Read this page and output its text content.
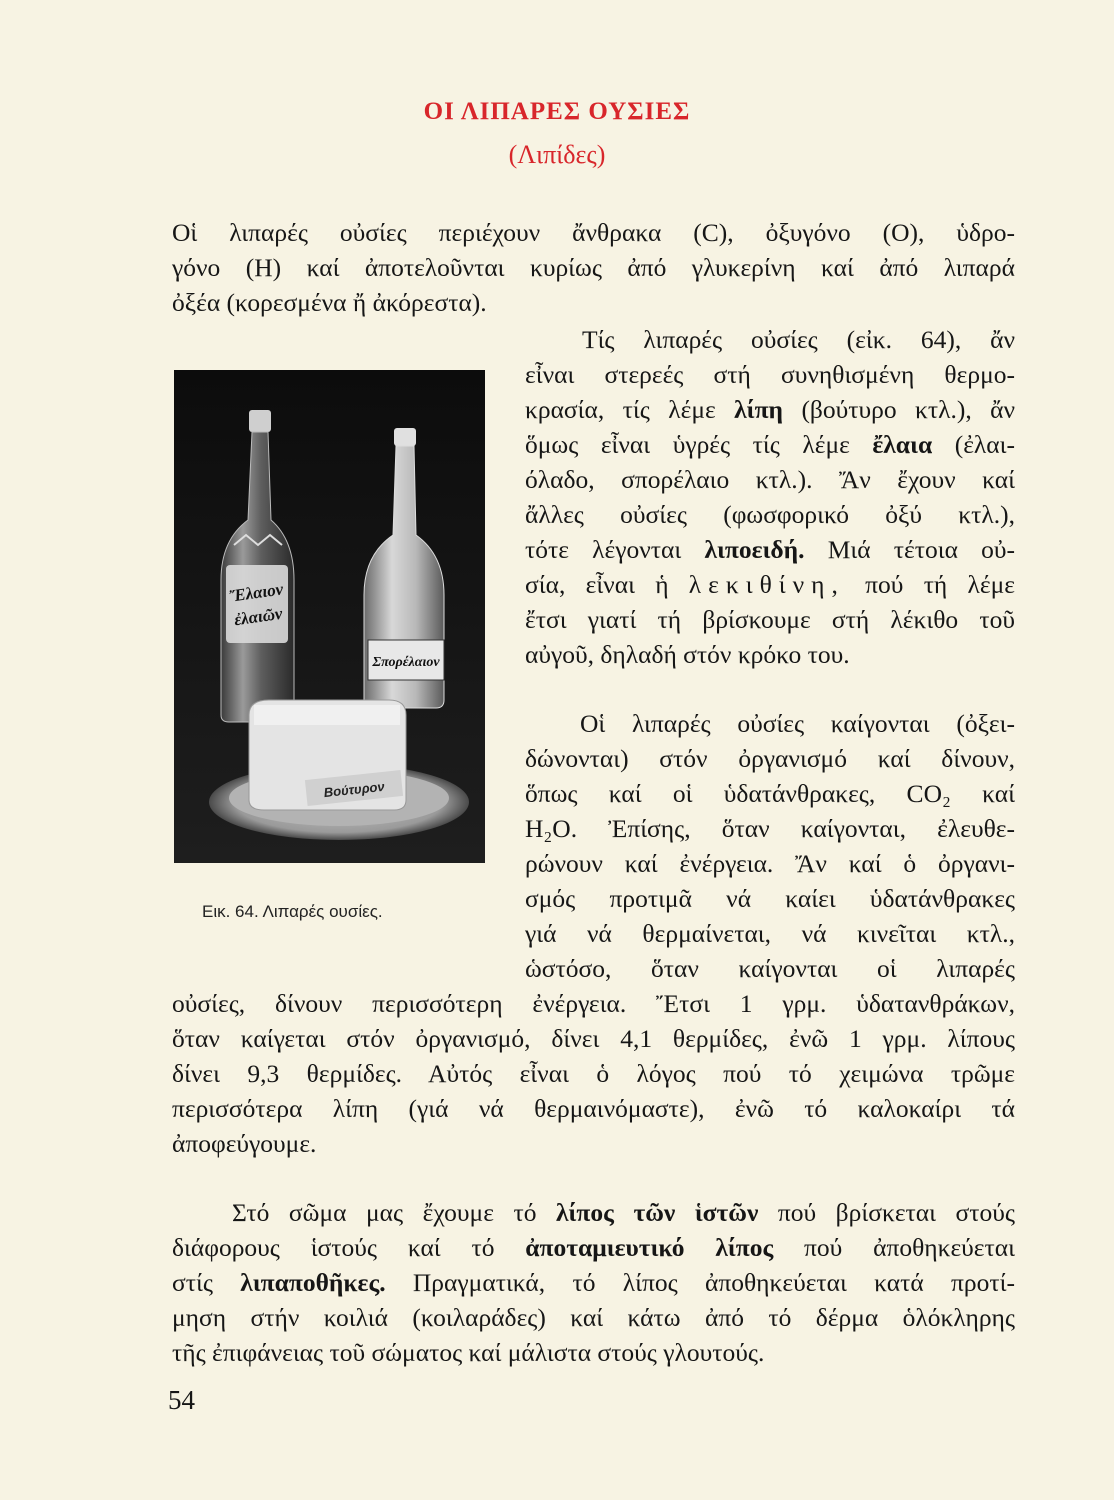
ΟΙ ΛΙΠΑΡΕΣ ΟΥΣΙΕΣ
(Λιπίδες)

Οἱ λιπαρές οὐσίες περιέχουν ἄνθρακα (C), ὀξυγόνο (Ο), ὑδρο-

γόνο (Η) καί ἀποτελοῦνται κυρίως ἀπό γλυκερίνη καί ἀπό λιπαρά

ὀξέα (κορεσμένα ἤ ἀκόρεστα).

Τίς λιπαρές οὐσίες (εἰκ. 64), ἄν

εἶναι στερεές στή συνηθισμένη θερμο-

κρασία, τίς λέμε λίπη (βούτυρο κτλ.), ἄν

ὅμως εἶναι ὑγρές τίς λέμε ἔλαια (ἐλαι-

όλαδο, σπορέλαιο κτλ.). Ἄν ἔχουν καί

ἄλλες οὐσίες (φωσφορικό ὀξύ κτλ.),

τότε λέγονται λιποειδή. Μιά τέτοια οὐ-

σία, εἶναι ἡ λεκιθίνη, πού τή λέμε

ἔτσι γιατί τή βρίσκουμε στή λέκιθο τοῦ

αὐγοῦ, δηλαδή στόν κρόκο του.

Οἱ λιπαρές οὐσίες καίγονται (ὀξει-

δώνονται) στόν ὀργανισμό καί δίνουν,

ὅπως καί οἱ ὑδατάνθρακες, CO₂ καί

H₂O. Ἐπίσης, ὅταν καίγονται, ἐλευθε-

ρώνουν καί ἐνέργεια. Ἄν καί ὁ ὀργανι-

σμός προτιμᾶ νά καίει ὑδατάνθρακες

γιά νά θερμαίνεται, νά κινεῖται κτλ.,

ὡστόσο, ὅταν καίγονται οἱ λιπαρές

οὐσίες, δίνουν περισσότερη ἐνέργεια. Ἔτσι 1 γρμ. ὑδατανθράκων,

ὅταν καίγεται στόν ὀργανισμό, δίνει 4,1 θερμίδες, ἐνῶ 1 γρμ. λίπους

δίνει 9,3 θερμίδες. Αὐτός εἶναι ὁ λόγος πού τό χειμώνα τρῶμε

περισσότερα λίπη (γιά νά θερμαινόμαστε), ἐνῶ τό καλοκαίρι τά

ἀποφεύγουμε.

Στό σῶμα μας ἔχουμε τό λίπος τῶν ἱστῶν πού βρίσκεται στούς

διάφορους ἱστούς καί τό ἀποταμιευτικό λίπος πού ἀποθηκεύεται

στίς λιπαποθῆκες. Πραγματικά, τό λίπος ἀποθηκεύεται κατά προτί-

μηση στήν κοιλιά (κοιλαράδες) καί κάτω ἀπό τό δέρμα ὁλόκληρης

τῆς ἐπιφάνειας τοῦ σώματος καί μάλιστα στούς γλουτούς.

Ἔλαιον
ἐλαιῶν
Σπορέλαιον
Βούτυρον
Εικ. 64. Λιπαρές ουσίες.
54
